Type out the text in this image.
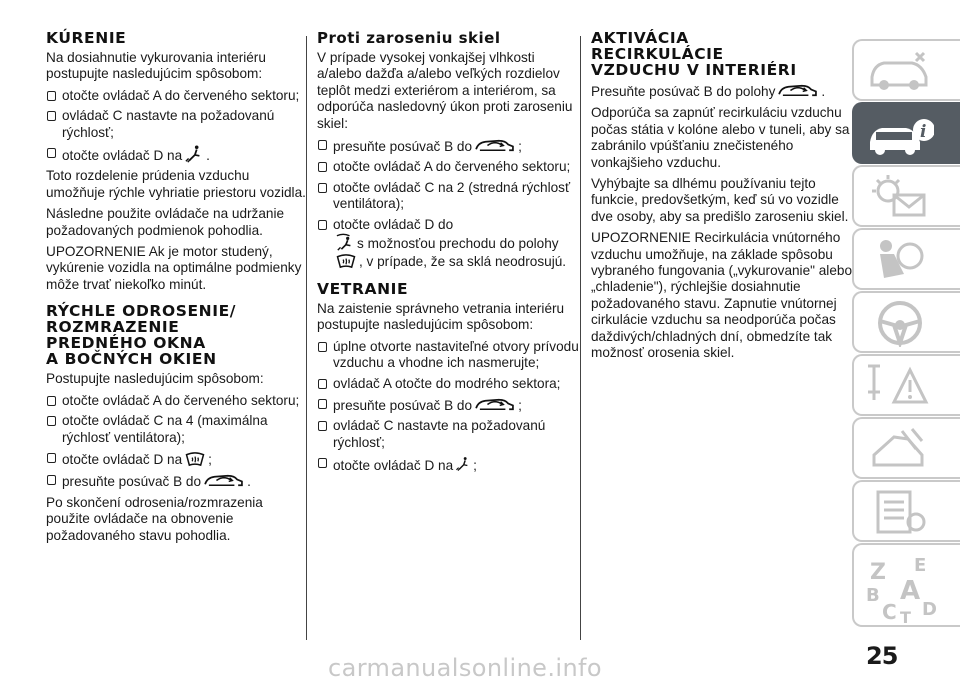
KÚRENIE

Na dosiahnutie vykurovania interiéru postupujte nasledujúcim spôsobom:

otočte ovládač A do červeného sektoru;
ovládač C nastavte na požadovanú rýchlosť;
otočte ovládač D na .

Toto rozdelenie prúdenia vzduchu umožňuje rýchle vyhriatie priestoru vozidla.

Následne použite ovládače na udržanie požadovaných podmienok pohodlia.

UPOZORNENIE Ak je motor studený, vykúrenie vozidla na optimálne podmienky môže trvať niekoľko minút.

RÝCHLE ODROSENIE/
ROZMRAZENIE
PREDNÉHO OKNA
A BOČNÝCH OKIEN

Postupujte nasledujúcim spôsobom:

otočte ovládač A do červeného sektoru;
otočte ovládač C na 4 (maximálna rýchlosť ventilátora);
otočte ovládač D na ;
presuňte posúvač B do	.

Po skončení odrosenia/rozmrazenia použite ovládače na obnovenie požadovaného stavu pohodlia.

Proti zaroseniu skiel

V prípade vysokej vonkajšej vlhkosti a/alebo dažďa a/alebo veľkých rozdielov teplôt medzi exteriérom a interiérom, sa odporúča nasledovný úkon proti zaroseniu skiel:

presuňte posúvač B do	;
otočte ovládač A do červeného sektoru;
otočte ovládač C na 2 (stredná rýchlosť ventilátora);
otočte ovládač D do

s možnosťou prechodu do polohy

, v prípade, že sa sklá neodrosujú.
VETRANIE

Na zaistenie správneho vetrania interiéru postupujte nasledujúcim spôsobom:

úplne otvorte nastaviteľné otvory prívodu vzduchu a vhodne ich nasmerujte;
ovládač A otočte do modrého sektora;
presuňte posúvač B do	;
ovládač C nastavte na požadovanú rýchlosť;
otočte ovládač D na ;
AKTIVÁCIA
RECIRKULÁCIE
VZDUCHU V INTERIÉRI

Presuňte posúvač B do polohy	.

Odporúča sa zapnúť recirkuláciu vzduchu počas státia v kolóne alebo v tuneli, aby sa zabránilo vpúšťaniu znečisteného vonkajšieho vzduchu.

Vyhýbajte sa dlhému používaniu tejto funkcie, predovšetkým, keď sú vo vozidle dve osoby, aby sa predišlo zaroseniu skiel.

UPOZORNENIE Recirkulácia vnútorného vzduchu umožňuje, na základe spôsobu vybraného fungovania („vykurovanie" alebo „chladenie"), rýchlejšie dosiahnutie požadovaného stavu. Zapnutie vnútornej cirkulácie vzduchu sa neodporúča počas daždivých/chladných dní, obmedzíte tak možnosť orosenia skiel.

i
Z E
B A
C T D
25
carmanualsonline.info
